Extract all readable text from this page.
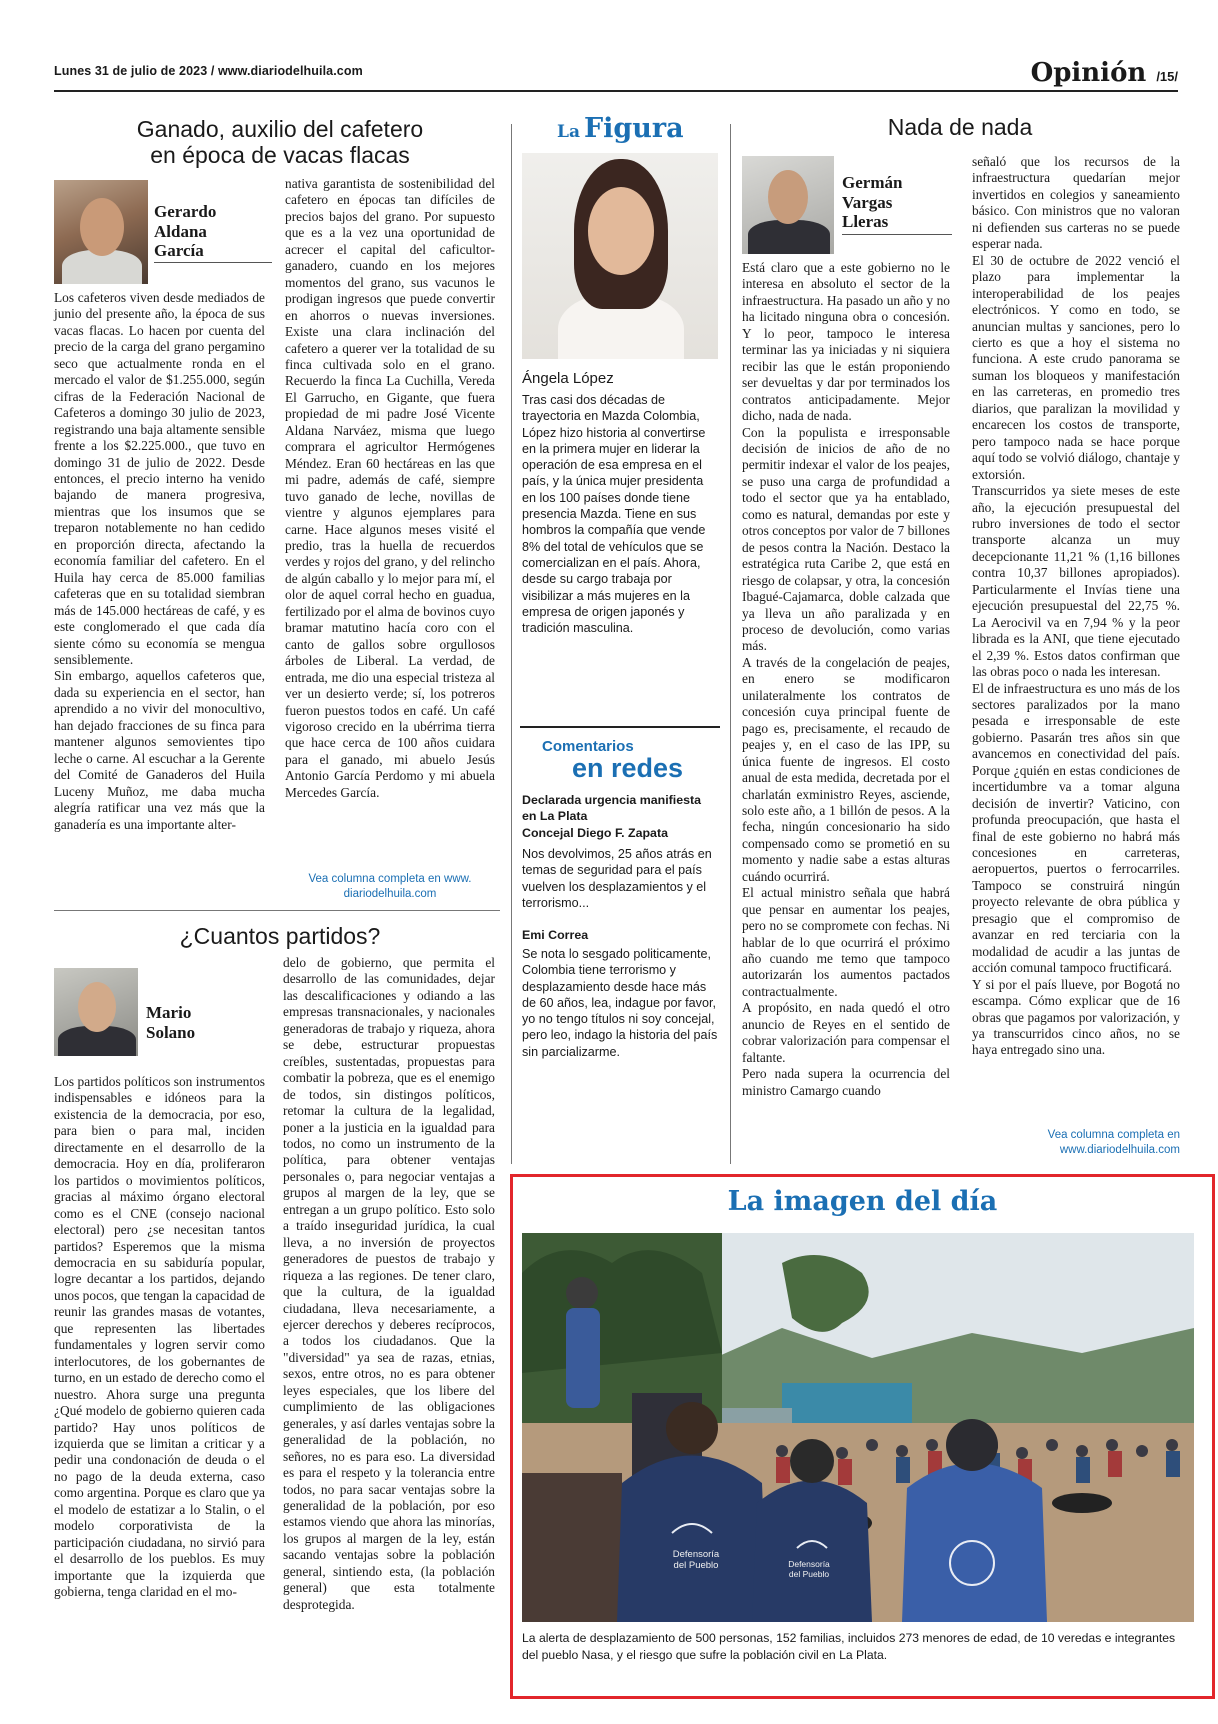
Lunes 31 de julio de 2023 / www.diariodelhuila.com	Opinión /15/
Ganado, auxilio del cafetero
en época de vacas flacas
Gerardo
Aldana
García
Los cafeteros viven desde mediados de junio del presente año, la época de sus vacas flacas. Lo hacen por cuenta del precio de la carga del grano pergamino seco que actualmente ronda en el mercado el valor de $1.255.000, según cifras de la Federación Nacional de Cafeteros a domingo 30 julio de 2023, registrando una baja altamente sensible frente a los $2.225.000., que tuvo en domingo 31 de julio de 2022. Desde entonces, el precio interno ha venido bajando de manera progresiva, mientras que los insumos que se treparon notablemente no han cedido en proporción directa, afectando la economía familiar del cafetero. En el Huila hay cerca de 85.000 familias cafeteras que en su totalidad siembran más de 145.000 hectáreas de café, y es este conglomerado el que cada día siente cómo su economía se mengua sensiblemente.
Sin embargo, aquellos cafeteros que, dada su experiencia en el sector, han aprendido a no vivir del monocultivo, han dejado fracciones de su finca para mantener algunos semovientes tipo leche o carne. Al escuchar a la Gerente del Comité de Ganaderos del Huila Luceny Muñoz, me daba mucha alegría ratificar una vez más que la ganadería es una importante alter-
nativa garantista de sostenibilidad del cafetero en épocas tan difíciles de precios bajos del grano. Por supuesto que es a la vez una oportunidad de acrecer el capital del caficultor-ganadero, cuando en los mejores momentos del grano, sus vacunos le prodigan ingresos que puede convertir en ahorros o nuevas inversiones. Existe una clara inclinación del cafetero a querer ver la totalidad de su finca cultivada solo en el grano. Recuerdo la finca La Cuchilla, Vereda El Garrucho, en Gigante, que fuera propiedad de mi padre José Vicente Aldana Narváez, misma que luego comprara el agricultor Hermógenes Méndez. Eran 60 hectáreas en las que mi padre, además de café, siempre tuvo ganado de leche, novillas de vientre y algunos ejemplares para carne. Hace algunos meses visité el predio, tras la huella de recuerdos verdes y rojos del grano, y del relincho de algún caballo y lo mejor para mí, el olor de aquel corral hecho en guadua, fertilizado por el alma de bovinos cuyo bramar matutino hacía coro con el canto de gallos sobre orgullosos árboles de Liberal. La verdad, de entrada, me dio una especial tristeza al ver un desierto verde; sí, los potreros fueron puestos todos en café. Un café vigoroso crecido en la ubérrima tierra que hace cerca de 100 años cuidara para el ganado, mi abuelo Jesús Antonio García Perdomo y mi abuela Mercedes García.
Vea columna completa en www.
diariodelhuila.com
¿Cuantos partidos?
Mario
Solano
Los partidos políticos son instrumentos indispensables e idóneos para la existencia de la democracia, por eso, para bien o para mal, inciden directamente en el desarrollo de la democracia. Hoy en día, proliferaron los partidos o movimientos políticos, gracias al máximo órgano electoral como es el CNE (consejo nacional electoral) pero ¿se necesitan tantos partidos? Esperemos que la misma democracia en su sabiduría popular, logre decantar a los partidos, dejando unos pocos, que tengan la capacidad de reunir las grandes masas de votantes, que representen las libertades fundamentales y logren servir como interlocutores, de los gobernantes de turno, en un estado de derecho como el nuestro. Ahora surge una pregunta ¿Qué modelo de gobierno quieren cada partido? Hay unos políticos de izquierda que se limitan a criticar y a pedir una condonación de deuda o el no pago de la deuda externa, caso como argentina. Porque es claro que ya el modelo de estatizar a lo Stalin, o el modelo corporativista de la participación ciudadana, no sirvió para el desarrollo de los pueblos. Es muy importante que la izquierda que gobierna, tenga claridad en el mo-
delo de gobierno, que permita el desarrollo de las comunidades, dejar las descalificaciones y odiando a las empresas transnacionales, y nacionales generadoras de trabajo y riqueza, ahora se debe, estructurar propuestas creíbles, sustentadas, propuestas para combatir la pobreza, que es el enemigo de todos, sin distingos políticos, retomar la cultura de la legalidad, poner a la justicia en la igualdad para todos, no como un instrumento de la política, para obtener ventajas personales o, para negociar ventajas a grupos al margen de la ley, que se entregan a un grupo político. Esto solo a traído inseguridad jurídica, la cual lleva, a no inversión de proyectos generadores de puestos de trabajo y riqueza a las regiones. De tener claro, que la cultura, de la igualdad ciudadana, lleva necesariamente, a ejercer derechos y deberes recíprocos, a todos los ciudadanos. Que la "diversidad" ya sea de razas, etnias, sexos, entre otros, no es para obtener leyes especiales, que los libere del cumplimiento de las obligaciones generales, y así darles ventajas sobre la generalidad de la población, no señores, no es para eso. La diversidad es para el respeto y la tolerancia entre todos, no para sacar ventajas sobre la generalidad de la población, por eso estamos viendo que ahora las minorías, los grupos al margen de la ley, están sacando ventajas sobre la población general, sintiendo esta, (la población general) que esta totalmente desprotegida.
La Figura
Ángela López
Tras casi dos décadas de trayectoria en Mazda Colombia, López hizo historia al convertirse en la primera mujer en liderar la operación de esa empresa en el país, y la única mujer presidenta en los 100 países donde tiene presencia Mazda. Tiene en sus hombros la compañía que vende 8% del total de vehículos que se comercializan en el país. Ahora, desde su cargo trabaja por visibilizar a más mujeres en la empresa de origen japonés y tradición masculina.
Comentarios
en redes
Declarada urgencia manifiesta en La Plata
Concejal Diego F. Zapata
Nos devolvimos, 25 años atrás en temas de seguridad para el país vuelven los desplazamientos y el terrorismo...
Emi Correa
Se nota lo sesgado politicamente, Colombia tiene terrorismo y desplazamiento desde hace más de 60 años, lea, indague por favor, yo no tengo títulos ni soy concejal, pero leo, indago la historia del país sin parcializarme.
Nada de nada
Germán
Vargas
Lleras
Está claro que a este gobierno no le interesa en absoluto el sector de la infraestructura. Ha pasado un año y no ha licitado ninguna obra o concesión. Y lo peor, tampoco le interesa terminar las ya iniciadas y ni siquiera recibir las que le están proponiendo ser devueltas y dar por terminados los contratos anticipadamente. Mejor dicho, nada de nada.
Con la populista e irresponsable decisión de inicios de año de no permitir indexar el valor de los peajes, se puso una carga de profundidad a todo el sector que ya ha entablado, como es natural, demandas por este y otros conceptos por valor de 7 billones de pesos contra la Nación. Destaco la estratégica ruta Caribe 2, que está en riesgo de colapsar, y otra, la concesión Ibagué-Cajamarca, doble calzada que ya lleva un año paralizada y en proceso de devolución, como varias más.
A través de la congelación de peajes, en enero se modificaron unilateralmente los contratos de concesión cuya principal fuente de pago es, precisamente, el recaudo de peajes y, en el caso de las IPP, su única fuente de ingresos. El costo anual de esta medida, decretada por el charlatán exministro Reyes, asciende, solo este año, a 1 billón de pesos. A la fecha, ningún concesionario ha sido compensado como se prometió en su momento y nadie sabe a estas alturas cuándo ocurrirá.
El actual ministro señala que habrá que pensar en aumentar los peajes, pero no se compromete con fechas. Ni hablar de lo que ocurrirá el próximo año cuando me temo que tampoco autorizarán los aumentos pactados contractualmente.
A propósito, en nada quedó el otro anuncio de Reyes en el sentido de cobrar valorización para compensar el faltante.
Pero nada supera la ocurrencia del ministro Camargo cuando
señaló que los recursos de la infraestructura quedarían mejor invertidos en colegios y saneamiento básico. Con ministros que no valoran ni defienden sus carteras no se puede esperar nada.
El 30 de octubre de 2022 venció el plazo para implementar la interoperabilidad de los peajes electrónicos. Y como en todo, se anuncian multas y sanciones, pero lo cierto es que a hoy el sistema no funciona. A este crudo panorama se suman los bloqueos y manifestación en las carreteras, en promedio tres diarios, que paralizan la movilidad y encarecen los costos de transporte, pero tampoco nada se hace porque aquí todo se volvió diálogo, chantaje y extorsión.
Transcurridos ya siete meses de este año, la ejecución presupuestal del rubro inversiones de todo el sector transporte alcanza un muy decepcionante 11,21 % (1,16 billones contra 10,37 billones apropiados). Particularmente el Invías tiene una ejecución presupuestal del 22,75 %. La Aerocivil va en 7,94 % y la peor librada es la ANI, que tiene ejecutado el 2,39 %. Estos datos confirman que las obras poco o nada les interesan.
El de infraestructura es uno más de los sectores paralizados por la mano pesada e irresponsable de este gobierno. Pasarán tres años sin que avancemos en conectividad del país. Porque ¿quién en estas condiciones de incertidumbre va a tomar alguna decisión de invertir? Vaticino, con profunda preocupación, que hasta el final de este gobierno no habrá más concesiones en carreteras, aeropuertos, puertos o ferrocarriles. Tampoco se construirá ningún proyecto relevante de obra pública y presagio que el compromiso de avanzar en red terciaria con la modalidad de acudir a las juntas de acción comunal tampoco fructificará.
Y si por el país llueve, por Bogotá no escampa. Cómo explicar que de 16 obras que pagamos por valorización, y ya transcurridos cinco años, no se haya entregado sino una.
Vea columna completa en
www.diariodelhuila.com
La imagen del día
Defensoría
del Pueblo	Defensoría
del Pueblo
La alerta de desplazamiento de 500 personas, 152 familias, incluidos 273 menores de edad, de 10 veredas e integrantes del pueblo Nasa, y el riesgo que sufre la población civil en La Plata.
